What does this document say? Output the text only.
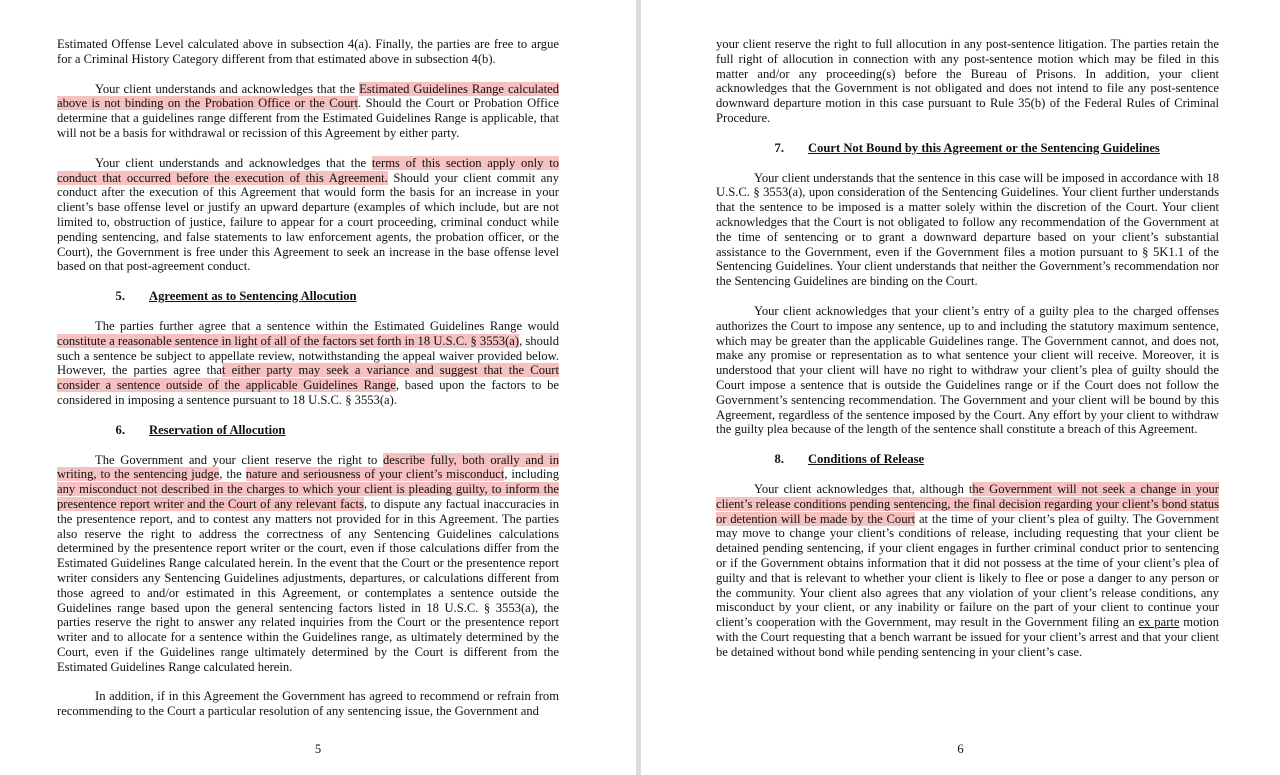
Estimated Offense Level calculated above in subsection 4(a). Finally, the parties are free to argue for a Criminal History Category different from that estimated above in subsection 4(b).

Your client understands and acknowledges that the Estimated Guidelines Range calculated above is not binding on the Probation Office or the Court. Should the Court or Probation Office determine that a guidelines range different from the Estimated Guidelines Range is applicable, that will not be a basis for withdrawal or recission of this Agreement by either party.

Your client understands and acknowledges that the terms of this section apply only to conduct that occurred before the execution of this Agreement. Should your client commit any conduct after the execution of this Agreement that would form the basis for an increase in your client’s base offense level or justify an upward departure (examples of which include, but are not limited to, obstruction of justice, failure to appear for a court proceeding, criminal conduct while pending sentencing, and false statements to law enforcement agents, the probation officer, or the Court), the Government is free under this Agreement to seek an increase in the base offense level based on that post-agreement conduct.

5.	Agreement as to Sentencing Allocution

The parties further agree that a sentence within the Estimated Guidelines Range would constitute a reasonable sentence in light of all of the factors set forth in 18 U.S.C. § 3553(a), should such a sentence be subject to appellate review, notwithstanding the appeal waiver provided below. However, the parties agree that either party may seek a variance and suggest that the Court consider a sentence outside of the applicable Guidelines Range, based upon the factors to be considered in imposing a sentence pursuant to 18 U.S.C. § 3553(a).

6.	Reservation of Allocution

The Government and your client reserve the right to describe fully, both orally and in writing, to the sentencing judge, the nature and seriousness of your client’s misconduct, including any misconduct not described in the charges to which your client is pleading guilty, to inform the presentence report writer and the Court of any relevant facts, to dispute any factual inaccuracies in the presentence report, and to contest any matters not provided for in this Agreement. The parties also reserve the right to address the correctness of any Sentencing Guidelines calculations determined by the presentence report writer or the court, even if those calculations differ from the Estimated Guidelines Range calculated herein. In the event that the Court or the presentence report writer considers any Sentencing Guidelines adjustments, departures, or calculations different from those agreed to and/or estimated in this Agreement, or contemplates a sentence outside the Guidelines range based upon the general sentencing factors listed in 18 U.S.C. § 3553(a), the parties reserve the right to answer any related inquiries from the Court or the presentence report writer and to allocate for a sentence within the Guidelines range, as ultimately determined by the Court, even if the Guidelines range ultimately determined by the Court is different from the Estimated Guidelines Range calculated herein.

In addition, if in this Agreement the Government has agreed to recommend or refrain from recommending to the Court a particular resolution of any sentencing issue, the Government and

5

your client reserve the right to full allocution in any post-sentence litigation. The parties retain the full right of allocution in connection with any post-sentence motion which may be filed in this matter and/or any proceeding(s) before the Bureau of Prisons. In addition, your client acknowledges that the Government is not obligated and does not intend to file any post-sentence downward departure motion in this case pursuant to Rule 35(b) of the Federal Rules of Criminal Procedure.

7.	Court Not Bound by this Agreement or the Sentencing Guidelines

Your client understands that the sentence in this case will be imposed in accordance with 18 U.S.C. § 3553(a), upon consideration of the Sentencing Guidelines. Your client further understands that the sentence to be imposed is a matter solely within the discretion of the Court. Your client acknowledges that the Court is not obligated to follow any recommendation of the Government at the time of sentencing or to grant a downward departure based on your client’s substantial assistance to the Government, even if the Government files a motion pursuant to § 5K1.1 of the Sentencing Guidelines. Your client understands that neither the Government’s recommendation nor the Sentencing Guidelines are binding on the Court.

Your client acknowledges that your client’s entry of a guilty plea to the charged offenses authorizes the Court to impose any sentence, up to and including the statutory maximum sentence, which may be greater than the applicable Guidelines range. The Government cannot, and does not, make any promise or representation as to what sentence your client will receive. Moreover, it is understood that your client will have no right to withdraw your client’s plea of guilty should the Court impose a sentence that is outside the Guidelines range or if the Court does not follow the Government’s sentencing recommendation. The Government and your client will be bound by this Agreement, regardless of the sentence imposed by the Court. Any effort by your client to withdraw the guilty plea because of the length of the sentence shall constitute a breach of this Agreement.

8.	Conditions of Release

Your client acknowledges that, although the Government will not seek a change in your client’s release conditions pending sentencing, the final decision regarding your client’s bond status or detention will be made by the Court at the time of your client’s plea of guilty. The Government may move to change your client’s conditions of release, including requesting that your client be detained pending sentencing, if your client engages in further criminal conduct prior to sentencing or if the Government obtains information that it did not possess at the time of your client’s plea of guilty and that is relevant to whether your client is likely to flee or pose a danger to any person or the community. Your client also agrees that any violation of your client’s release conditions, any misconduct by your client, or any inability or failure on the part of your client to continue your client’s cooperation with the Government, may result in the Government filing an ex parte motion with the Court requesting that a bench warrant be issued for your client’s arrest and that your client be detained without bond while pending sentencing in your client’s case.

6
